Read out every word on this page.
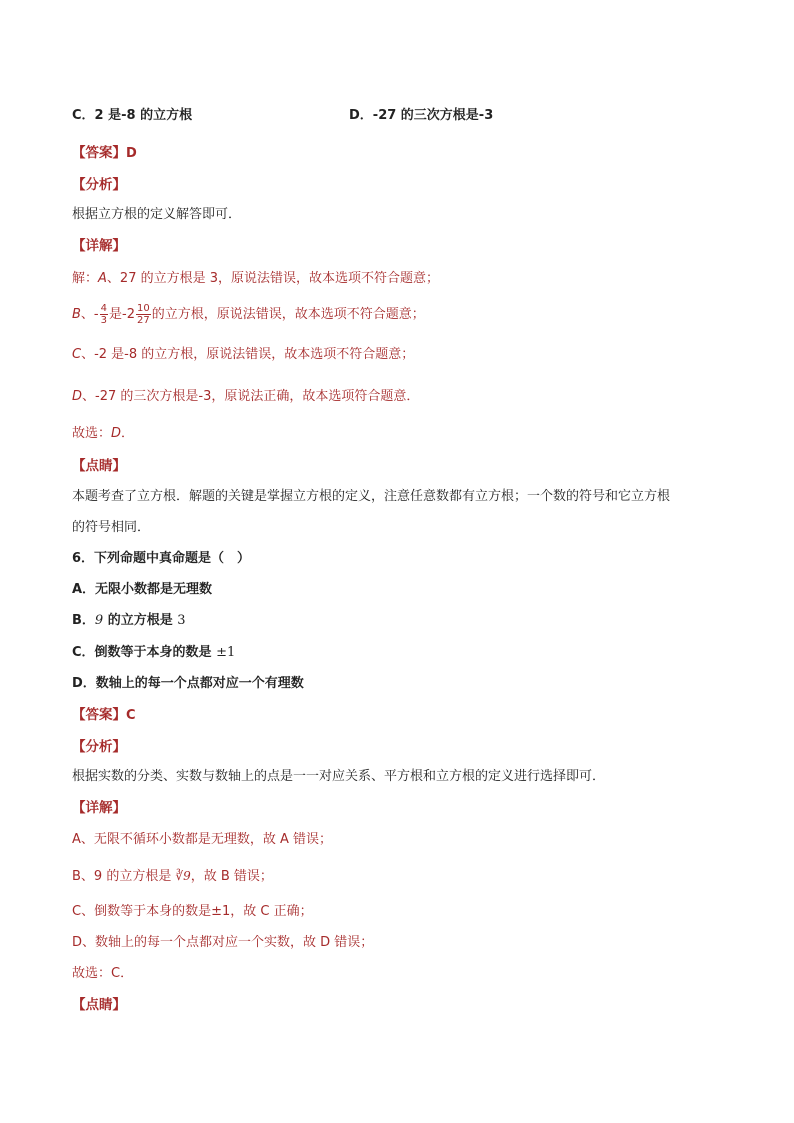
C．2 是-8 的立方根	D．-27 的三次方根是-3
【答案】D
【分析】
根据立方根的定义解答即可．
【详解】
解：A、27 的立方根是 3，原说法错误，故本选项不符合题意；
B、- $\frac{4}{3}$ 是$-2 \frac{10}{27}$ 的立方根，原说法错误，故本选项不符合题意；
C、-2 是-8 的立方根，原说法错误，故本选项不符合题意；
D、-27 的三次方根是-3，原说法正确，故本选项符合题意．
故选：D．
【点睛】
本题考查了立方根．解题的关键是掌握立方根的定义，注意任意数都有立方根；一个数的符号和它立方根
的符号相同．
6．下列命题中真命题是（　）
A．无限小数都是无理数
B．9 的立方根是 3
C．倒数等于本身的数是 ±1
D．数轴上的每一个点都对应一个有理数
【答案】C
【分析】
根据实数的分类、实数与数轴上的点是一一对应关系、平方根和立方根的定义进行选择即可．
【详解】
A、无限不循环小数都是无理数，故 A 错误；
B、9 的立方根是 ∛9，故 B 错误；
C、倒数等于本身的数是±1，故 C 正确；
D、数轴上的每一个点都对应一个实数，故 D 错误；
故选：C．
【点睛】
